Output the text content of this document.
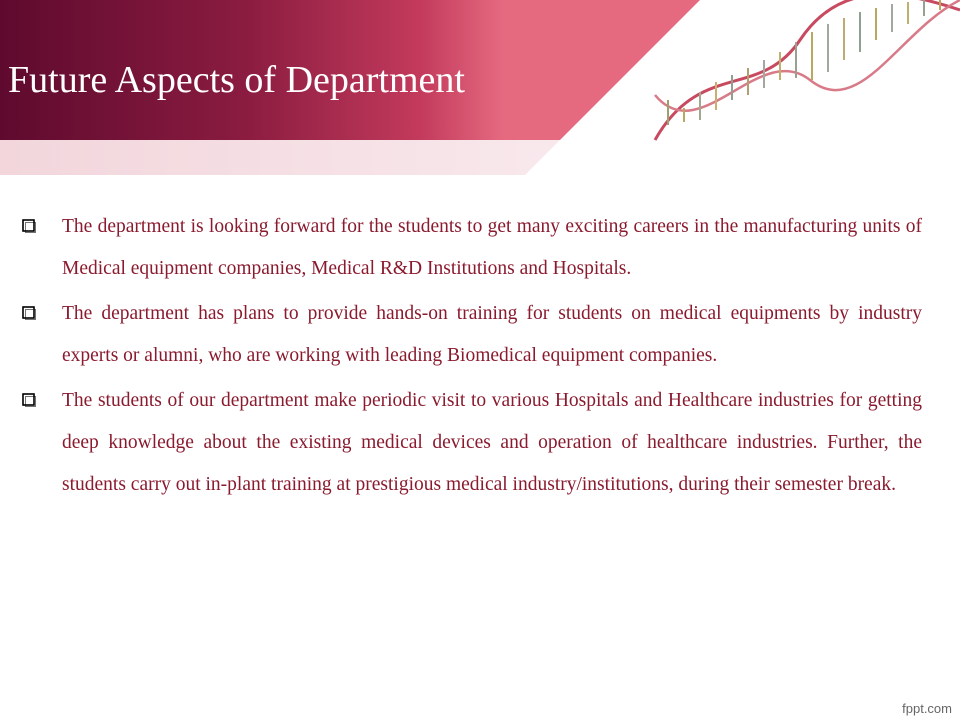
Future Aspects of Department
The department is looking forward for the students to get many exciting careers in the manufacturing units of Medical equipment companies, Medical R&D Institutions and Hospitals.
The department has plans to provide hands-on training for students on medical equipments by industry experts or alumni, who are working with leading Biomedical equipment companies.
The students of our department make periodic visit to various Hospitals and Healthcare industries for getting deep knowledge about the existing medical devices and operation of healthcare industries. Further, the students carry out in-plant training at prestigious medical industry/institutions, during their semester break.
fppt.com
